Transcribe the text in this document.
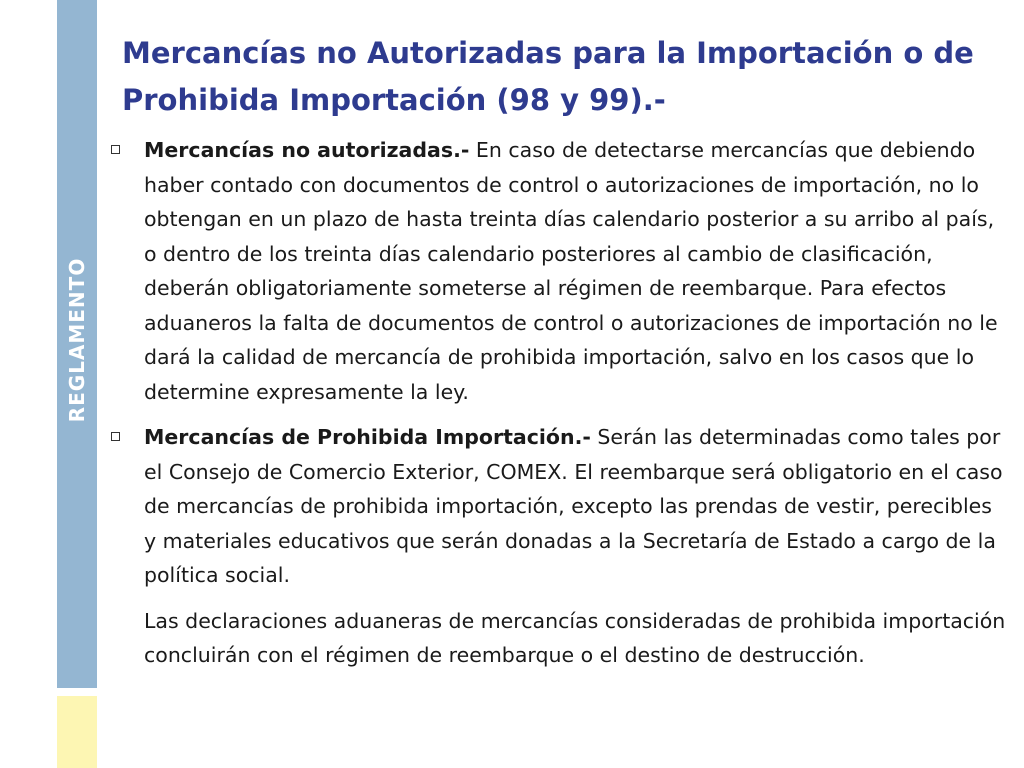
REGLAMENTO
Mercancías no Autorizadas para la Importación o de Prohibida Importación (98 y 99).-
Mercancías no autorizadas.- En caso de detectarse mercancías que debiendo haber contado con documentos de control o autorizaciones de importación, no lo obtengan en un plazo de hasta treinta días calendario posterior a su arribo al país, o dentro de los treinta días calendario posteriores al cambio de clasificación, deberán obligatoriamente someterse al régimen de reembarque. Para efectos aduaneros la falta de documentos de control o autorizaciones de importación no le dará la calidad de mercancía de prohibida importación, salvo en los casos que lo determine expresamente la ley.
Mercancías de Prohibida Importación.- Serán las determinadas como tales por el Consejo de Comercio Exterior, COMEX. El reembarque será obligatorio en el caso de mercancías de prohibida importación, excepto las prendas de vestir, perecibles y materiales educativos que serán donadas a la Secretaría de Estado a cargo de la política social.
Las declaraciones aduaneras de mercancías consideradas de prohibida importación concluirán con el régimen de reembarque o el destino de destrucción.
